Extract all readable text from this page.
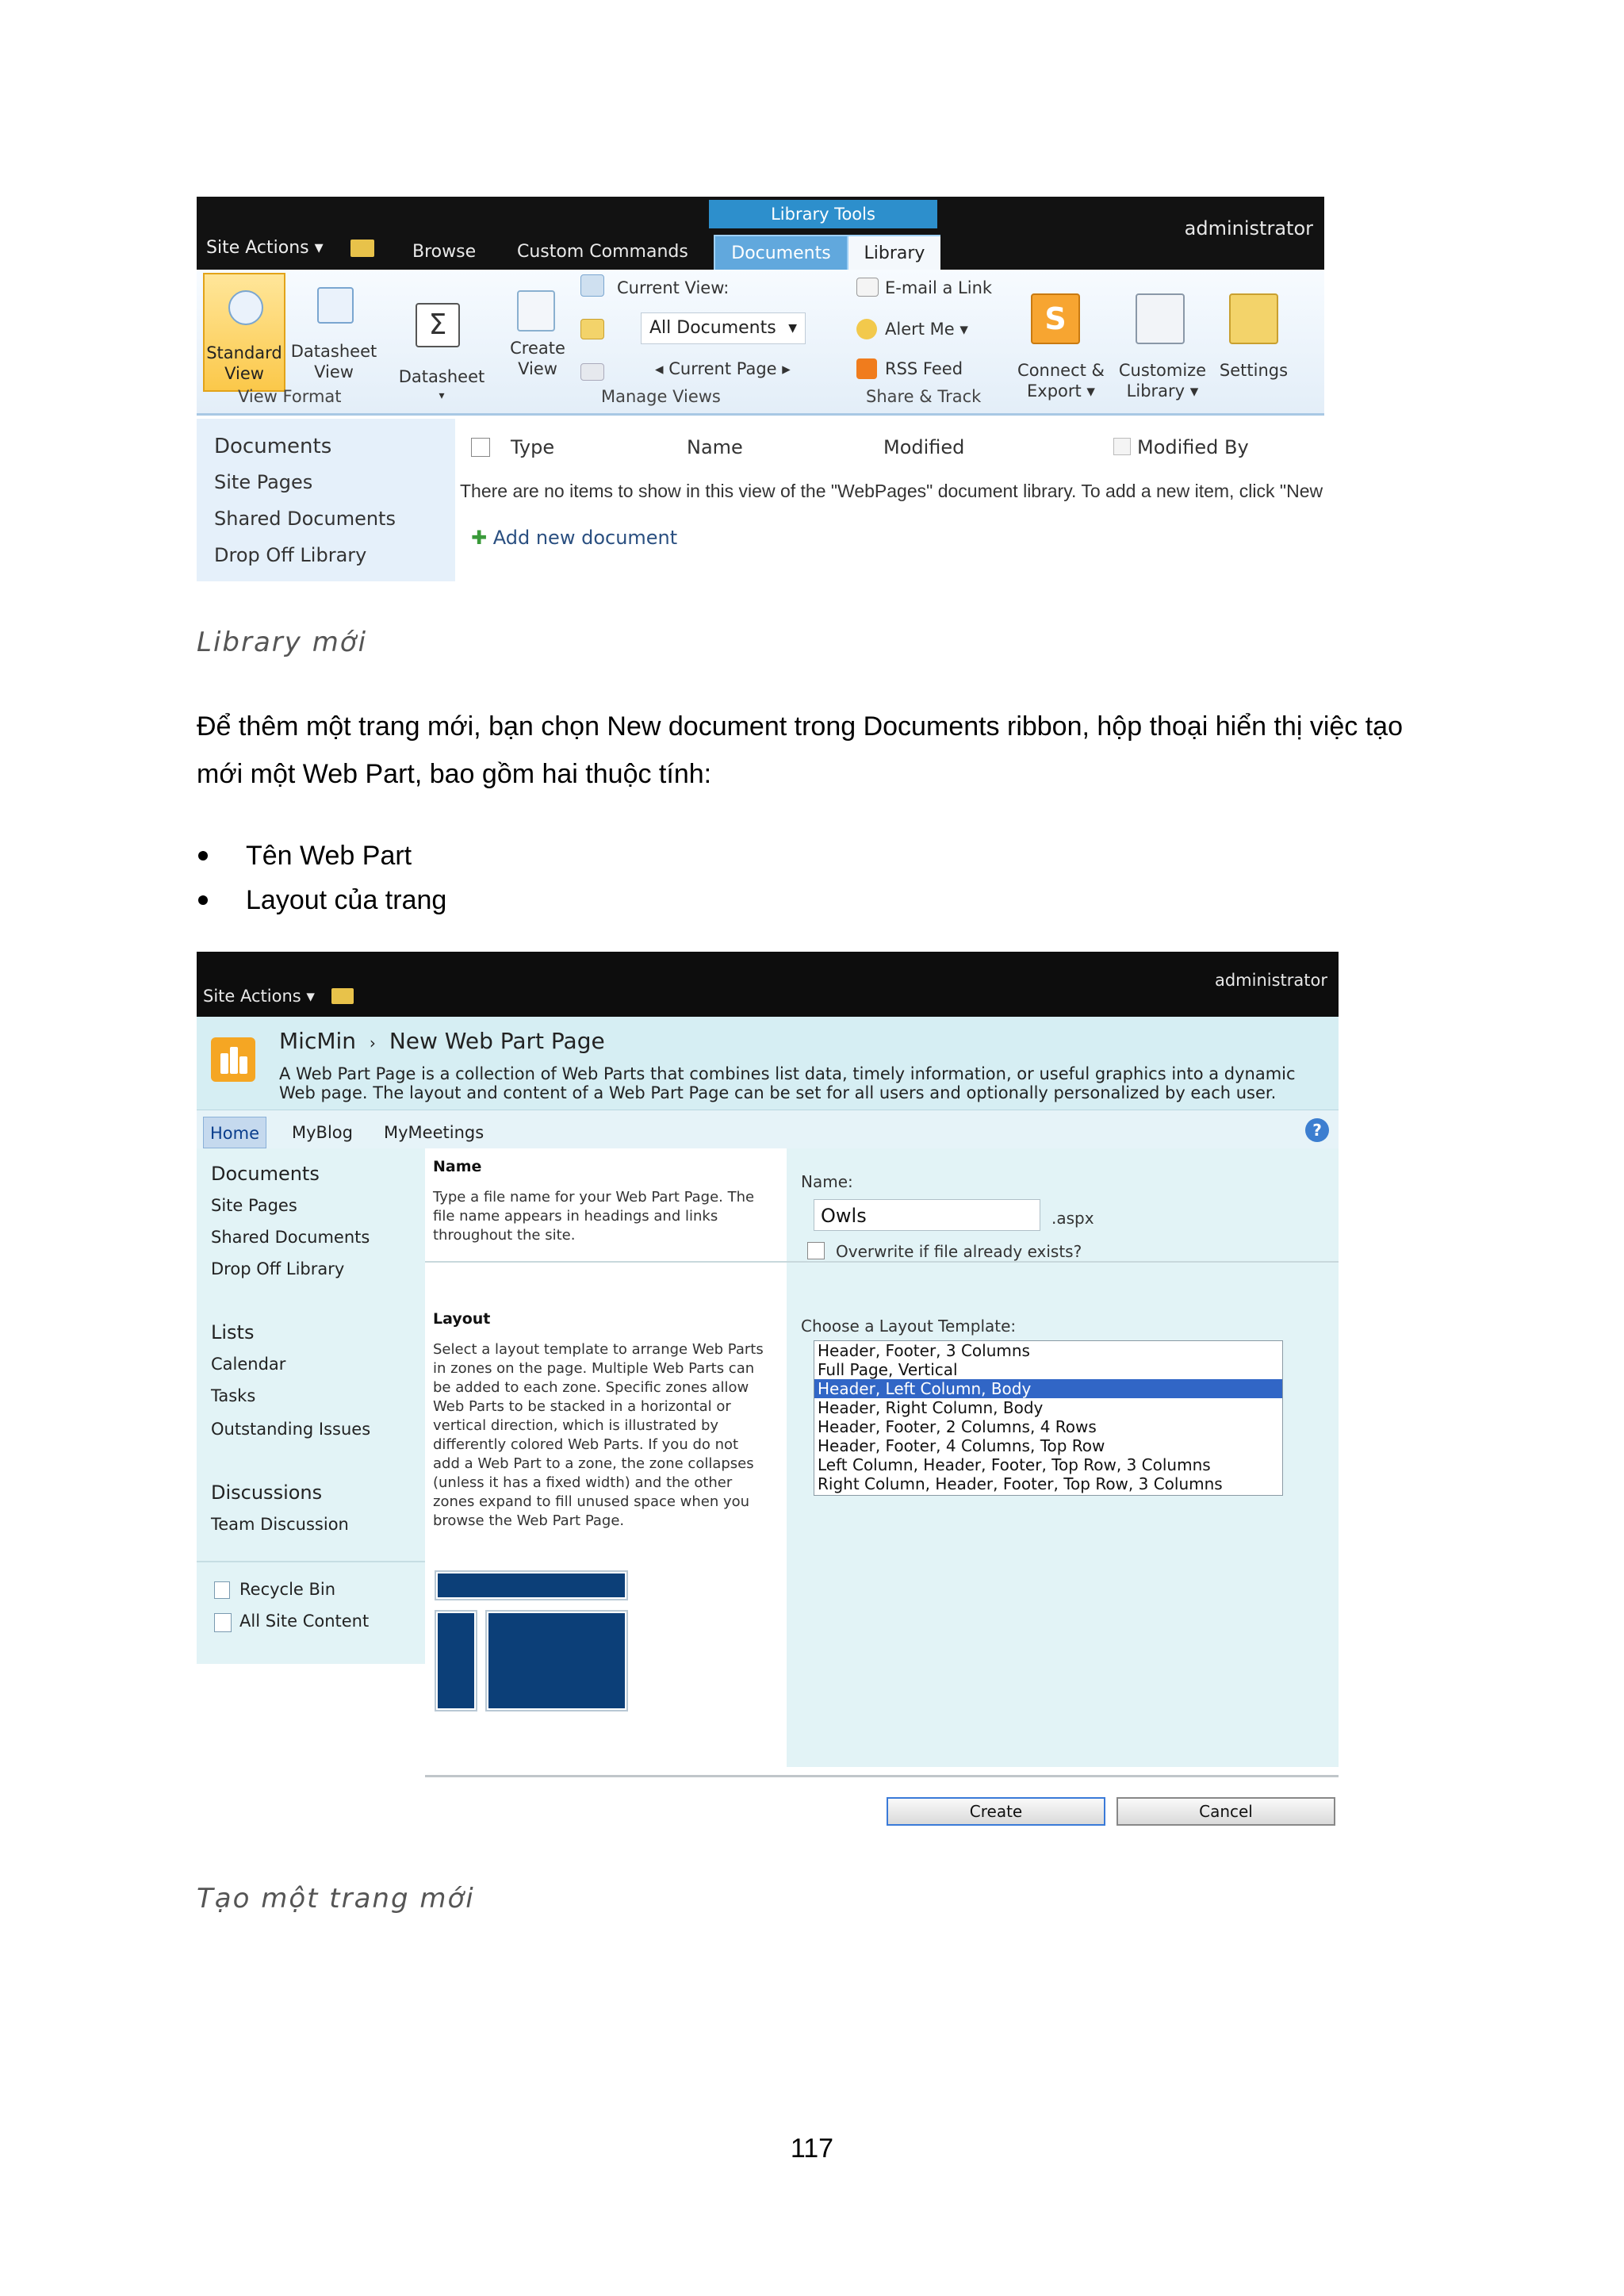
Site Actions ▾	Browse Custom Commands
Library Tools
Documents	Library
administrator
Standard
View
Datasheet
View
View Format
Σ
Datasheet
▾
Create
View
Current View:
All Documents ▼
◂ Current Page ▸
Manage Views
E-mail a Link
Alert Me ▾
RSS Feed
Share & Track
S
Connect &
Export ▾
Customize
Library ▾
Settings
Documents
Site Pages
Shared Documents
Drop Off Library
Type	Name	Modified	Modified By
There are no items to show in this view of the "WebPages" document library. To add a new item, click "New
✚ Add new document
Library mới
Để thêm một trang mới, bạn chọn New document trong Documents ribbon, hộp thoại hiển thị việc tạo mới một Web Part, bao gồm hai thuộc tính:
Tên Web Part
Layout của trang
Site Actions ▾
administrator
MicMin › New Web Part Page
A Web Part Page is a collection of Web Parts that combines list data, timely information, or useful graphics into a dynamic Web page. The layout and content of a Web Part Page can be set for all users and optionally personalized by each user.
Home	MyBlog MyMeetings	?
Documents
Site Pages
Shared Documents
Drop Off Library
Lists
Calendar
Tasks
Outstanding Issues
Discussions
Team Discussion
Recycle Bin
All Site Content
Name
Type a file name for your Web Part Page. The file name appears in headings and links throughout the site.
Layout
Select a layout template to arrange Web Parts in zones on the page. Multiple Web Parts can be added to each zone. Specific zones allow Web Parts to be stacked in a horizontal or vertical direction, which is illustrated by differently colored Web Parts. If you do not add a Web Part to a zone, the zone collapses (unless it has a fixed width) and the other zones expand to fill unused space when you browse the Web Part Page.
Name:
.aspx
Overwrite if file already exists?
Choose a Layout Template:
Owls
Header, Footer, 3 Columns
Full Page, Vertical
Header, Left Column, Body
Header, Right Column, Body
Header, Footer, 2 Columns, 4 Rows
Header, Footer, 4 Columns, Top Row
Left Column, Header, Footer, Top Row, 3 Columns
Right Column, Header, Footer, Top Row, 3 Columns
Create	Cancel
Tạo một trang mới
117
